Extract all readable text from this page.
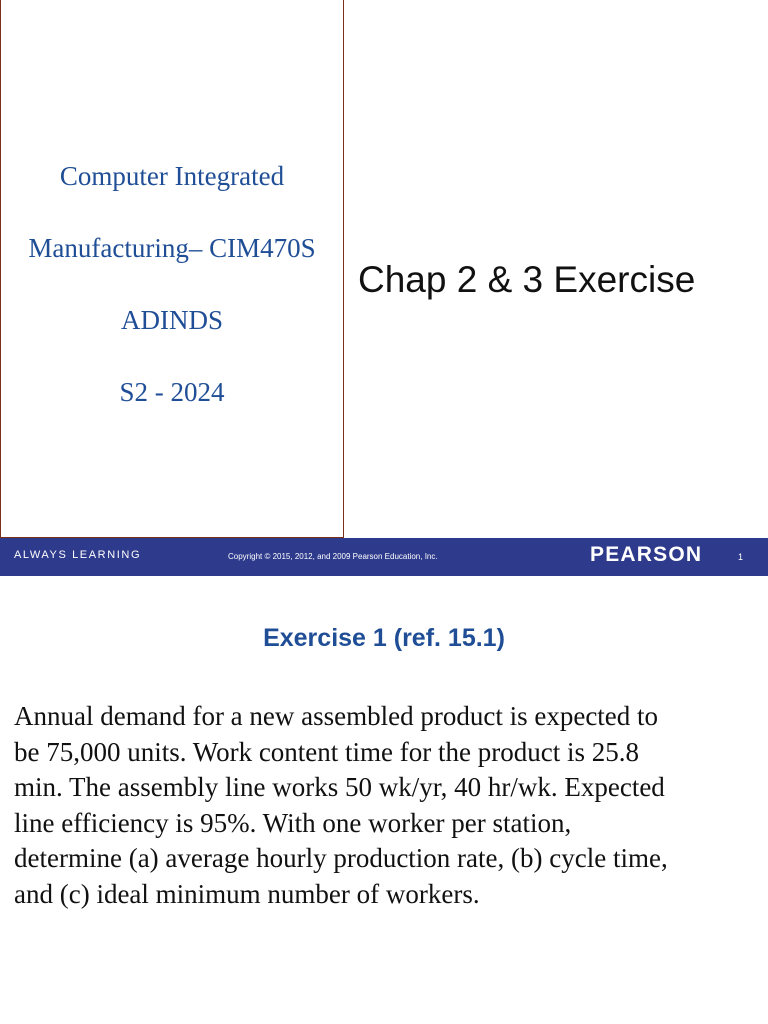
Computer Integrated
Manufacturing– CIM470S
ADINDS
S2 - 2024
Chap 2 & 3 Exercise
ALWAYS LEARNING	Copyright © 2015, 2012, and 2009 Pearson Education, Inc.	PEARSON	1
Exercise 1 (ref. 15.1)
Annual demand for a new assembled product is expected to
be 75,000 units. Work content time for the product is 25.8
min. The assembly line works 50 wk/yr, 40 hr/wk. Expected
line efficiency is 95%. With one worker per station,
determine (a) average hourly production rate, (b) cycle time,
and (c) ideal minimum number of workers.
